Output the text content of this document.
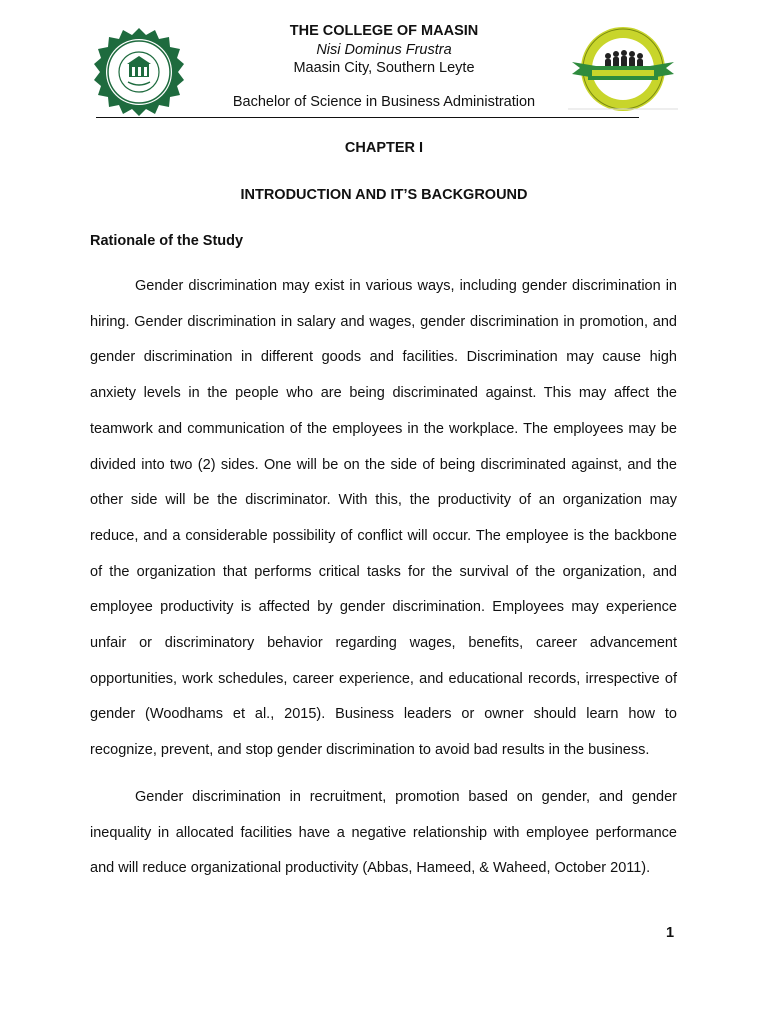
THE COLLEGE OF MAASIN
Nisi Dominus Frustra
Maasin City, Southern Leyte
Bachelor of Science in Business Administration
CHAPTER I
INTRODUCTION AND IT’S BACKGROUND
Rationale of the Study

Gender discrimination may exist in various ways, including gender discrimination in hiring. Gender discrimination in salary and wages, gender discrimination in promotion, and gender discrimination in different goods and facilities. Discrimination may cause high anxiety levels in the people who are being discriminated against. This may affect the teamwork and communication of the employees in the workplace. The employees may be divided into two (2) sides. One will be on the side of being discriminated against, and the other side will be the discriminator. With this, the productivity of an organization may reduce, and a considerable possibility of conflict will occur. The employee is the backbone of the organization that performs critical tasks for the survival of the organization, and employee productivity is affected by gender discrimination. Employees may experience unfair or discriminatory behavior regarding wages, benefits, career advancement opportunities, work schedules, career experience, and educational records, irrespective of gender (Woodhams et al., 2015). Business leaders or owner should learn how to recognize, prevent, and stop gender discrimination to avoid bad results in the business.

Gender discrimination in recruitment, promotion based on gender, and gender inequality in allocated facilities have a negative relationship with employee performance and will reduce organizational productivity (Abbas, Hameed, & Waheed, October 2011).

1
